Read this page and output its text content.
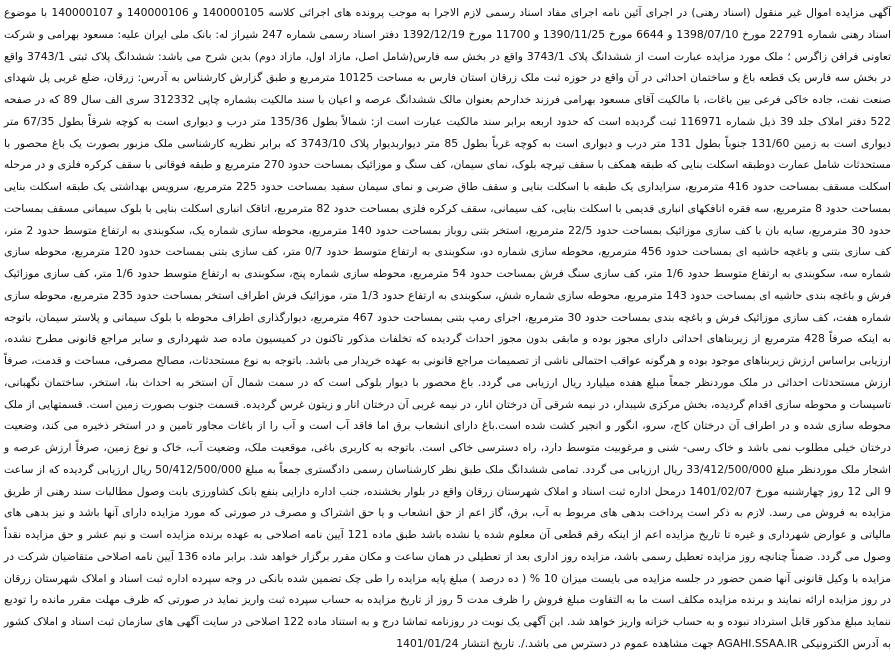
آگهی مزایده اموال غیر منقول (اسناد رهنی) در اجرای آئین نامه اجرای مفاد اسناد رسمی لازم الاجرا به موجب پرونده های اجرائی کلاسه 140000105 و 140000106 و 140000107 با موضوع اسناد رهنی شماره 22791 مورخ 1398/07/10 و 6644 مورخ 1390/11/25 و 11700 مورخ 1392/12/19 دفتر اسناد رسمی شماره 247 شیراز له: بانک ملی ایران علیه: مسعود بهرامی و شرکت تعاونی فرافن زاگرس ؛ ملک مورد مزایده عبارت است از ششدانگ پلاک 3743/1 واقع در بخش سه فارس(شامل اصل، مازاد اول، مازاد دوم) بدین شرح می باشد: ششدانگ پلاک ثبتی 3743/1 واقع در بخش سه فارس یک قطعه باغ و ساختمان احداثی در آن واقع در حوزه ثبت ملک زرقان استان فارس به مساحت 10125 مترمربع و طبق گزارش کارشناس به آدرس: زرقان، ضلع غربی پل شهدای صنعت نفت، جاده خاکی فرعی بین باغات، با مالکیت آقای مسعود بهرامی فرزند خدارحم بعنوان مالک ششدانگ عرصه و اعیان با سند مالکیت بشماره چاپی 312332 سری الف سال 89 که در صفحه 522 دفتر املاک جلد 39 ذیل شماره 116971 ثبت گردیده است که حدود اربعه برابر سند مالکیت عبارت است از: شمالاً بطول 135/36 متر درب و دیواری است به کوچه شرقاً بطول 67/35 متر دیواری است به زمین 131/60 جنوباً بطول 131 متر درب و دیواری است به کوچه غرباً بطول 85 متر دیواربدیوار پلاک 3743/10 که برابر نظریه کارشناسی ملک مزبور بصورت یک باغ محصور با مستحدثات شامل عمارت دوطبقه اسکلت بنایی که طبقه همکف با سقف تیرچه بلوک، نمای سیمان، کف سنگ و موزائیک بمساحت حدود 270 مترمربع و طبقه فوقانی با سقف کرکره فلزی و در مرحله اسکلت مسقف بمساحت حدود 416 مترمربع، سرایداری یک طبقه با اسکلت بنایی و سقف طاق ضربی و نمای سیمان سفید بمساحت حدود 225 مترمربع، سرویس بهداشتی یک طبقه اسکلت بنایی بمساحت حدود 8 مترمربع، سه فقره انافکهای انباری قدیمی با اسکلت بنایی، کف سیمانی، سقف کرکره فلزی بمساحت حدود 82 مترمربع، اتاقک انباری اسکلت بنایی با بلوک سیمانی مسقف بمساحت حدود 30 مترمربع، سایه بان با کف سازی موزائیک بمساحت حدود 22/5 مترمربع، استخر بتنی روباز بمساحت حدود 140 مترمربع، محوطه سازی شماره یک، سکوبندی به ارتفاع متوسط حدود 2 متر، کف سازی بتنی و باغچه حاشیه ای بمساحت حدود 456 مترمربع، محوطه سازی شماره دو، سکوبندی به ارتفاع متوسط حدود 0/7 متر، کف سازی بتنی بمساحت حدود 120 مترمربع، محوطه سازی شماره سه، سکوبندی به ارتفاع متوسط حدود 1/6 متر، کف سازی سنگ فرش بمساحت حدود 54 مترمربع، محوطه سازی شماره پنج، سکوبندی به ارتفاع متوسط حدود 1/6 متر، کف سازی موزائیک فرش و باغچه بندی حاشیه ای بمساحت حدود 143 مترمربع، محوطه سازی شماره شش، سکوبندی به ارتفاع حدود 1/3 متر، موزائیک فرش اطراف استخر بمساحت حدود 235 مترمربع، محوطه سازی شماره هفت، کف سازی موزائیک فرش و باغچه بندی بمساحت حدود 30 مترمربع، اجرای رمپ بتنی بمساحت حدود 467 مترمربع، دیوارگذاری اطراف محوطه با بلوک سیمانی و پلاستر سیمان، باتوجه به اینکه صرفاً 428 مترمربع از زیربناهای احداثی دارای مجوز بوده و مابقی بدون مجوز احداث گردیده که تخلفات مذکور تاکنون در کمیسیون ماده صد شهرداری و سایر مراجع قانونی مطرح نشده، ارزیابی براساس ارزش زیربناهای موجود بوده و هرگونه عواقب احتمالی ناشی از تصمیمات مراجع قانونی به عهده خریدار می باشد. باتوجه به نوع مستحدثات، مصالح مصرفی، مساحت و قدمت، صرفاً ارزش مستحدثات احداثی در ملک موردنظر جمعاً مبلغ هفده میلیارد ریال ارزیابی می گردد. باغ محصور با دیوار بلوکی است که در سمت شمال آن استخر به احداث بنا، استخر، ساختمان نگهبانی، تاسیسات و محوطه سازی اقدام گردیده، بخش مرکزی شیبدار، در نیمه شرقی آن درختان انار، در نیمه غربی آن درختان انار و زیتون غرس گردیده. قسمت جنوب بصورت زمین است. قسمتهایی از ملک محوطه سازی شده و در اطراف آن درختان کاج، سرو، انگور و انجیر کشت شده است.باغ دارای انشعاب برق اما فاقد آب است و آب را از باغات مجاور تامین و در استخر ذخیره می کند، وضعیت درختان خیلی مطلوب نمی باشد و خاک رسی- شنی و مرغوبیت متوسط دارد، راه دسترسی خاکی است. باتوجه به کاربری باغی، موقعیت ملک، وضعیت آب، خاک و نوع زمین، صرفاً ارزش عرصه و اشجار ملک موردنظر مبلغ 33/412/500/000 ریال ارزیابی می گردد. تمامی ششدانگ ملک طبق نظر کارشناسان رسمی دادگستری جمعاً به مبلغ 50/412/500/000 ریال ارزیابی گردیده که از ساعت 9 الی 12 روز چهارشنبه مورخ 1401/02/07 درمحل اداره ثبت اسناد و املاک شهرستان زرقان واقع در بلوار بخشنده، جنب اداره دارایی بنفع بانک کشاورزی بابت وصول مطالبات سند رهنی از طریق مزایده به فروش می رسد. لازم به ذکر است پرداخت بدهی های مربوط به آب، برق، گاز اعم از حق انشعاب و یا حق اشتراک و مصرف در صورتی که مورد مزایده دارای آنها باشد و نیز بدهی های مالیاتی و عوارض شهرداری و غیره تا تاریخ مزایده اعم از اینکه رقم قطعی آن معلوم شده یا نشده باشد طبق ماده 121 آیین نامه اصلاحی به عهده برنده مزایده است و نیم عشر و حق مزایده نقداً وصول می گردد. ضمناً چنانچه روز مزایده تعطیل رسمی باشد، مزایده روز اداری بعد از تعطیلی در همان ساعت و مکان مقرر برگزار خواهد شد. برابر ماده 136 آیین نامه اصلاحی متقاضیان شرکت در مزایده با وکیل قانونی آنها ضمن حضور در جلسه مزایده می بایست میزان 10 % ( ده درصد ) مبلغ پایه مزایده را طی چک تضمین شده بانکی در وجه سپرده اداره ثبت اسناد و املاک شهرستان زرقان در روز مزایده ارائه نمایند و برنده مزایده مکلف است ما به التفاوت مبلغ فروش را ظرف مدت 5 روز از تاریخ مزایده به حساب سپرده ثبت واریز نماید در صورتی که ظرف مهلت مقرر مانده را تودیع ننماید مبلغ مذکور قابل استرداد نبوده و به حساب خزانه واریز خواهد شد. این آگهی یک نوبت در روزنامه تماشا درج و به استناد ماده 122 اصلاحی در سایت آگهی های سازمان ثبت اسناد و املاک کشور به آدرس الکترونیکی AGAHI.SSAA.IR جهت مشاهده عموم در دسترس می باشد./. تاریخ انتشار 1401/01/24
